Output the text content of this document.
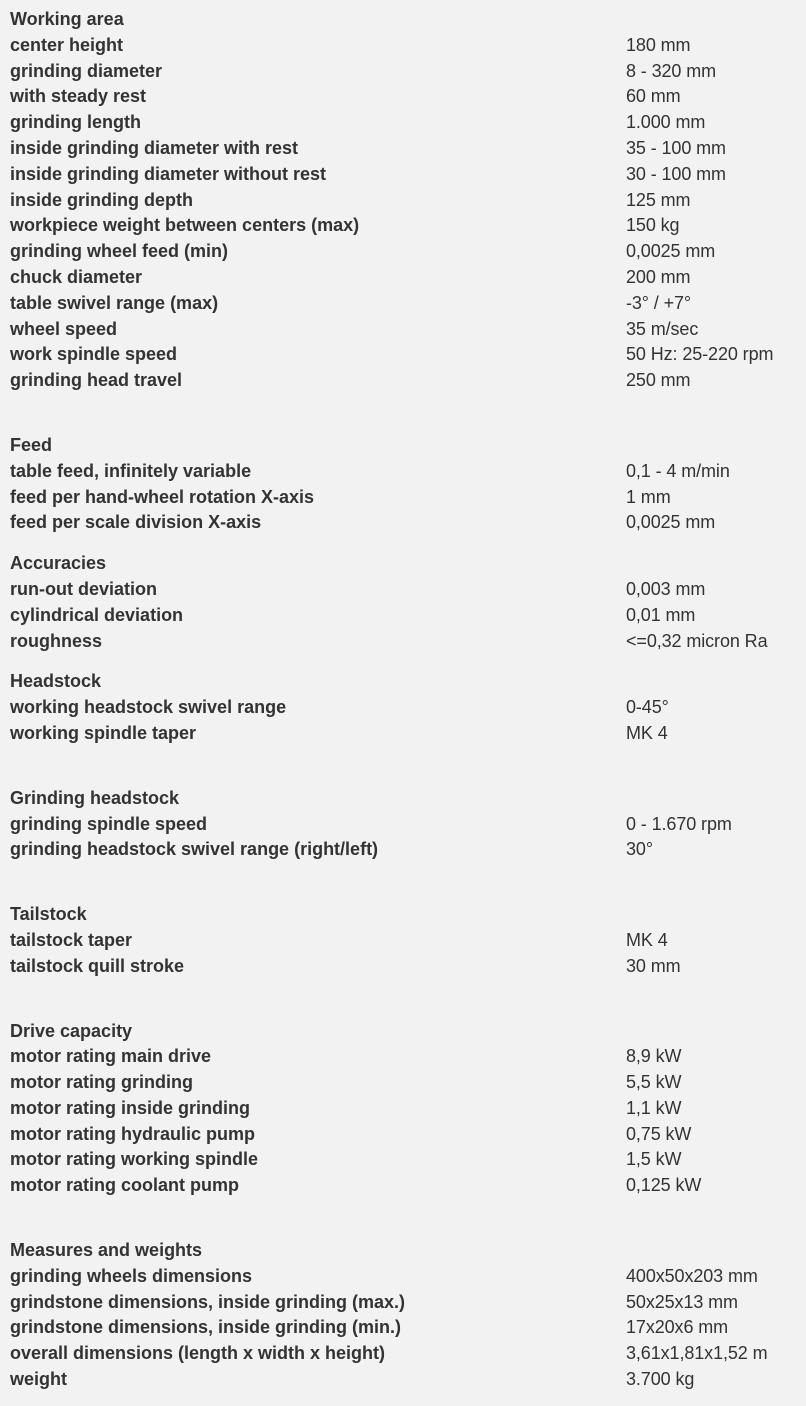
Working area
center height	180 mm
grinding diameter	8 - 320 mm
with steady rest	60 mm
grinding length	1.000 mm
inside grinding diameter with rest	35 - 100 mm
inside grinding diameter without rest	30 - 100 mm
inside grinding depth	125 mm
workpiece weight between centers (max)	150 kg
grinding wheel feed (min)	0,0025 mm
chuck diameter	200 mm
table swivel range (max)	-3° / +7°
wheel speed	35 m/sec
work spindle speed	50 Hz: 25-220 rpm
grinding head travel	250 mm
Feed
table feed, infinitely variable	0,1 - 4 m/min
feed per hand-wheel rotation X-axis	1 mm
feed per scale division X-axis	0,0025 mm
Accuracies
run-out deviation	0,003 mm
cylindrical deviation	0,01 mm
roughness	<=0,32 micron Ra
Headstock
working headstock swivel range	0-45°
working spindle taper	MK 4
Grinding headstock
grinding spindle speed	0 - 1.670 rpm
grinding headstock swivel range (right/left)	30°
Tailstock
tailstock taper	MK 4
tailstock quill stroke	30 mm
Drive capacity
motor rating main drive	8,9 kW
motor rating grinding	5,5 kW
motor rating inside grinding	1,1 kW
motor rating hydraulic pump	0,75 kW
motor rating working spindle	1,5 kW
motor rating coolant pump	0,125 kW
Measures and weights
grinding wheels dimensions	400x50x203 mm
grindstone dimensions, inside grinding (max.)	50x25x13 mm
grindstone dimensions, inside grinding (min.)	17x20x6 mm
overall dimensions (length x width x height)	3,61x1,81x1,52 m
weight	3.700 kg
